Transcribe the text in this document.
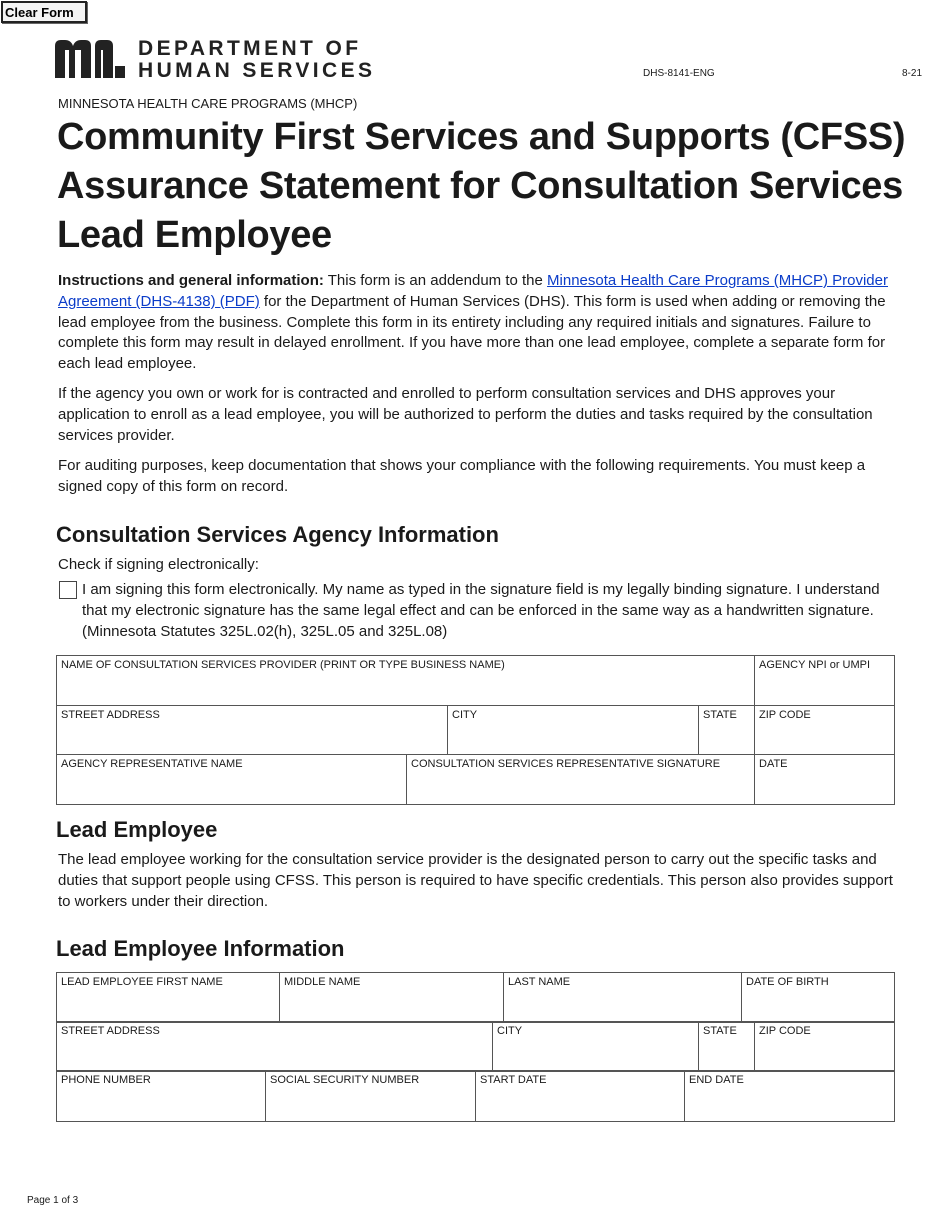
Clear Form
DEPARTMENT OF
HUMAN SERVICES	DHS-8141-ENG	8-21
MINNESOTA HEALTH CARE PROGRAMS (MHCP)
Community First Services and Supports (CFSS) Assurance Statement for Consultation Services Lead Employee

Instructions and general information: This form is an addendum to the Minnesota Health Care Programs (MHCP) Provider Agreement (DHS-4138) (PDF) for the Department of Human Services (DHS). This form is used when adding or removing the lead employee from the business. Complete this form in its entirety including any required initials and signatures. Failure to complete this form may result in delayed enrollment. If you have more than one lead employee, complete a separate form for each lead employee.

If the agency you own or work for is contracted and enrolled to perform consultation services and DHS approves your application to enroll as a lead employee, you will be authorized to perform the duties and tasks required by the consultation services provider.

For auditing purposes, keep documentation that shows your compliance with the following requirements. You must keep a signed copy of this form on record.

Consultation Services Agency Information
Check if signing electronically:
I am signing this form electronically. My name as typed in the signature field is my legally binding signature. I understand that my electronic signature has the same legal effect and can be enforced in the same way as a handwritten signature. (Minnesota Statutes 325L.02(h), 325L.05 and 325L.08)
NAME OF CONSULTATION SERVICES PROVIDER (PRINT OR TYPE BUSINESS NAME)				AGENCY NPI or UMPI
STREET ADDRESS		CITY	STATE	ZIP CODE
AGENCY REPRESENTATIVE NAME	CONSULTATION SERVICES REPRESENTATIVE SIGNATURE			DATE
Lead Employee

The lead employee working for the consultation service provider is the designated person to carry out the specific tasks and duties that support people using CFSS. This person is required to have specific credentials. This person also provides support to workers under their direction.

Lead Employee Information
LEAD EMPLOYEE FIRST NAME	MIDDLE NAME	LAST NAME	DATE OF BIRTH
STREET ADDRESS	CITY	STATE	ZIP CODE
PHONE NUMBER	SOCIAL SECURITY NUMBER	START DATE	END DATE
Page 1 of 3
